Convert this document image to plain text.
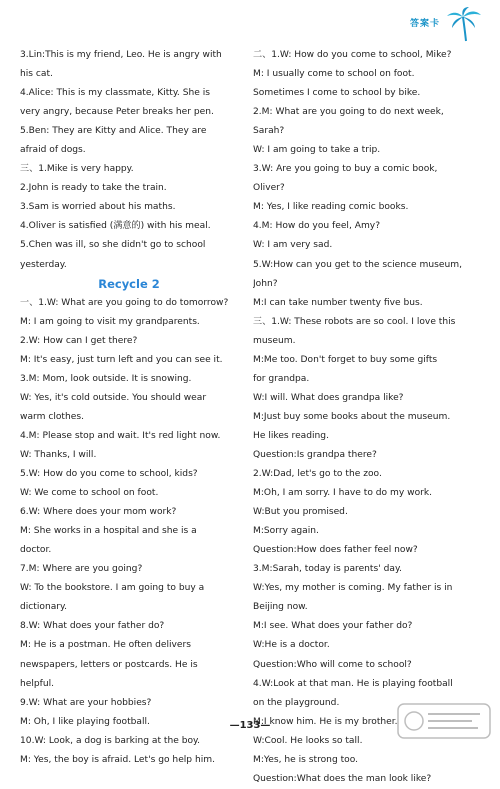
答案卡
3.Lin:This is my friend, Leo. He is angry with
his cat.
4.Alice: This is my classmate, Kitty. She is
very angry, because Peter breaks her pen.
5.Ben: They are Kitty and Alice. They are
afraid of dogs.
三、1.Mike is very happy.
2.John is ready to take the train.
3.Sam is worried about his maths.
4.Oliver is satisfied (满意的) with his meal.
5.Chen was ill, so she didn't go to school
yesterday.
Recycle 2
一、1.W: What are you going to do tomorrow?
M: I am going to visit my grandparents.
2.W: How can I get there?
M: It's easy, just turn left and you can see it.
3.M: Mom, look outside. It is snowing.
W: Yes, it's cold outside. You should wear
warm clothes.
4.M: Please stop and wait. It's red light now.
W: Thanks, I will.
5.W: How do you come to school, kids?
W: We come to school on foot.
6.W: Where does your mom work?
M: She works in a hospital and she is a
doctor.
7.M: Where are you going?
W: To the bookstore. I am going to buy a
dictionary.
8.W: What does your father do?
M: He is a postman. He often delivers
newspapers, letters or postcards. He is
helpful.
9.W: What are your hobbies?
M: Oh, I like playing football.
10.W: Look, a dog is barking at the boy.
M: Yes, the boy is afraid. Let's go help him.
二、1.W: How do you come to school, Mike?
M: I usually come to school on foot.
Sometimes I come to school by bike.
2.M: What are you going to do next week,
Sarah?
W: I am going to take a trip.
3.W: Are you going to buy a comic book,
Oliver?
M: Yes, I like reading comic books.
4.M: How do you feel, Amy?
W: I am very sad.
5.W:How can you get to the science museum,
John?
M:I can take number twenty five bus.
三、1.W: These robots are so cool. I love this
museum.
M:Me too. Don't forget to buy some gifts
for grandpa.
W:I will. What does grandpa like?
M:Just buy some books about the museum.
He likes reading.
Question:Is grandpa there?
2.W:Dad, let's go to the zoo.
M:Oh, I am sorry. I have to do my work.
W:But you promised.
M:Sorry again.
Question:How does father feel now?
3.M:Sarah, today is parents' day.
W:Yes, my mother is coming. My father is in
Beijing now.
M:I see. What does your father do?
W:He is a doctor.
Question:Who will come to school?
4.W:Look at that man. He is playing football
on the playground.
M:I know him. He is my brother.
W:Cool. He looks so tall.
M:Yes, he is strong too.
Question:What does the man look like?
—133—
